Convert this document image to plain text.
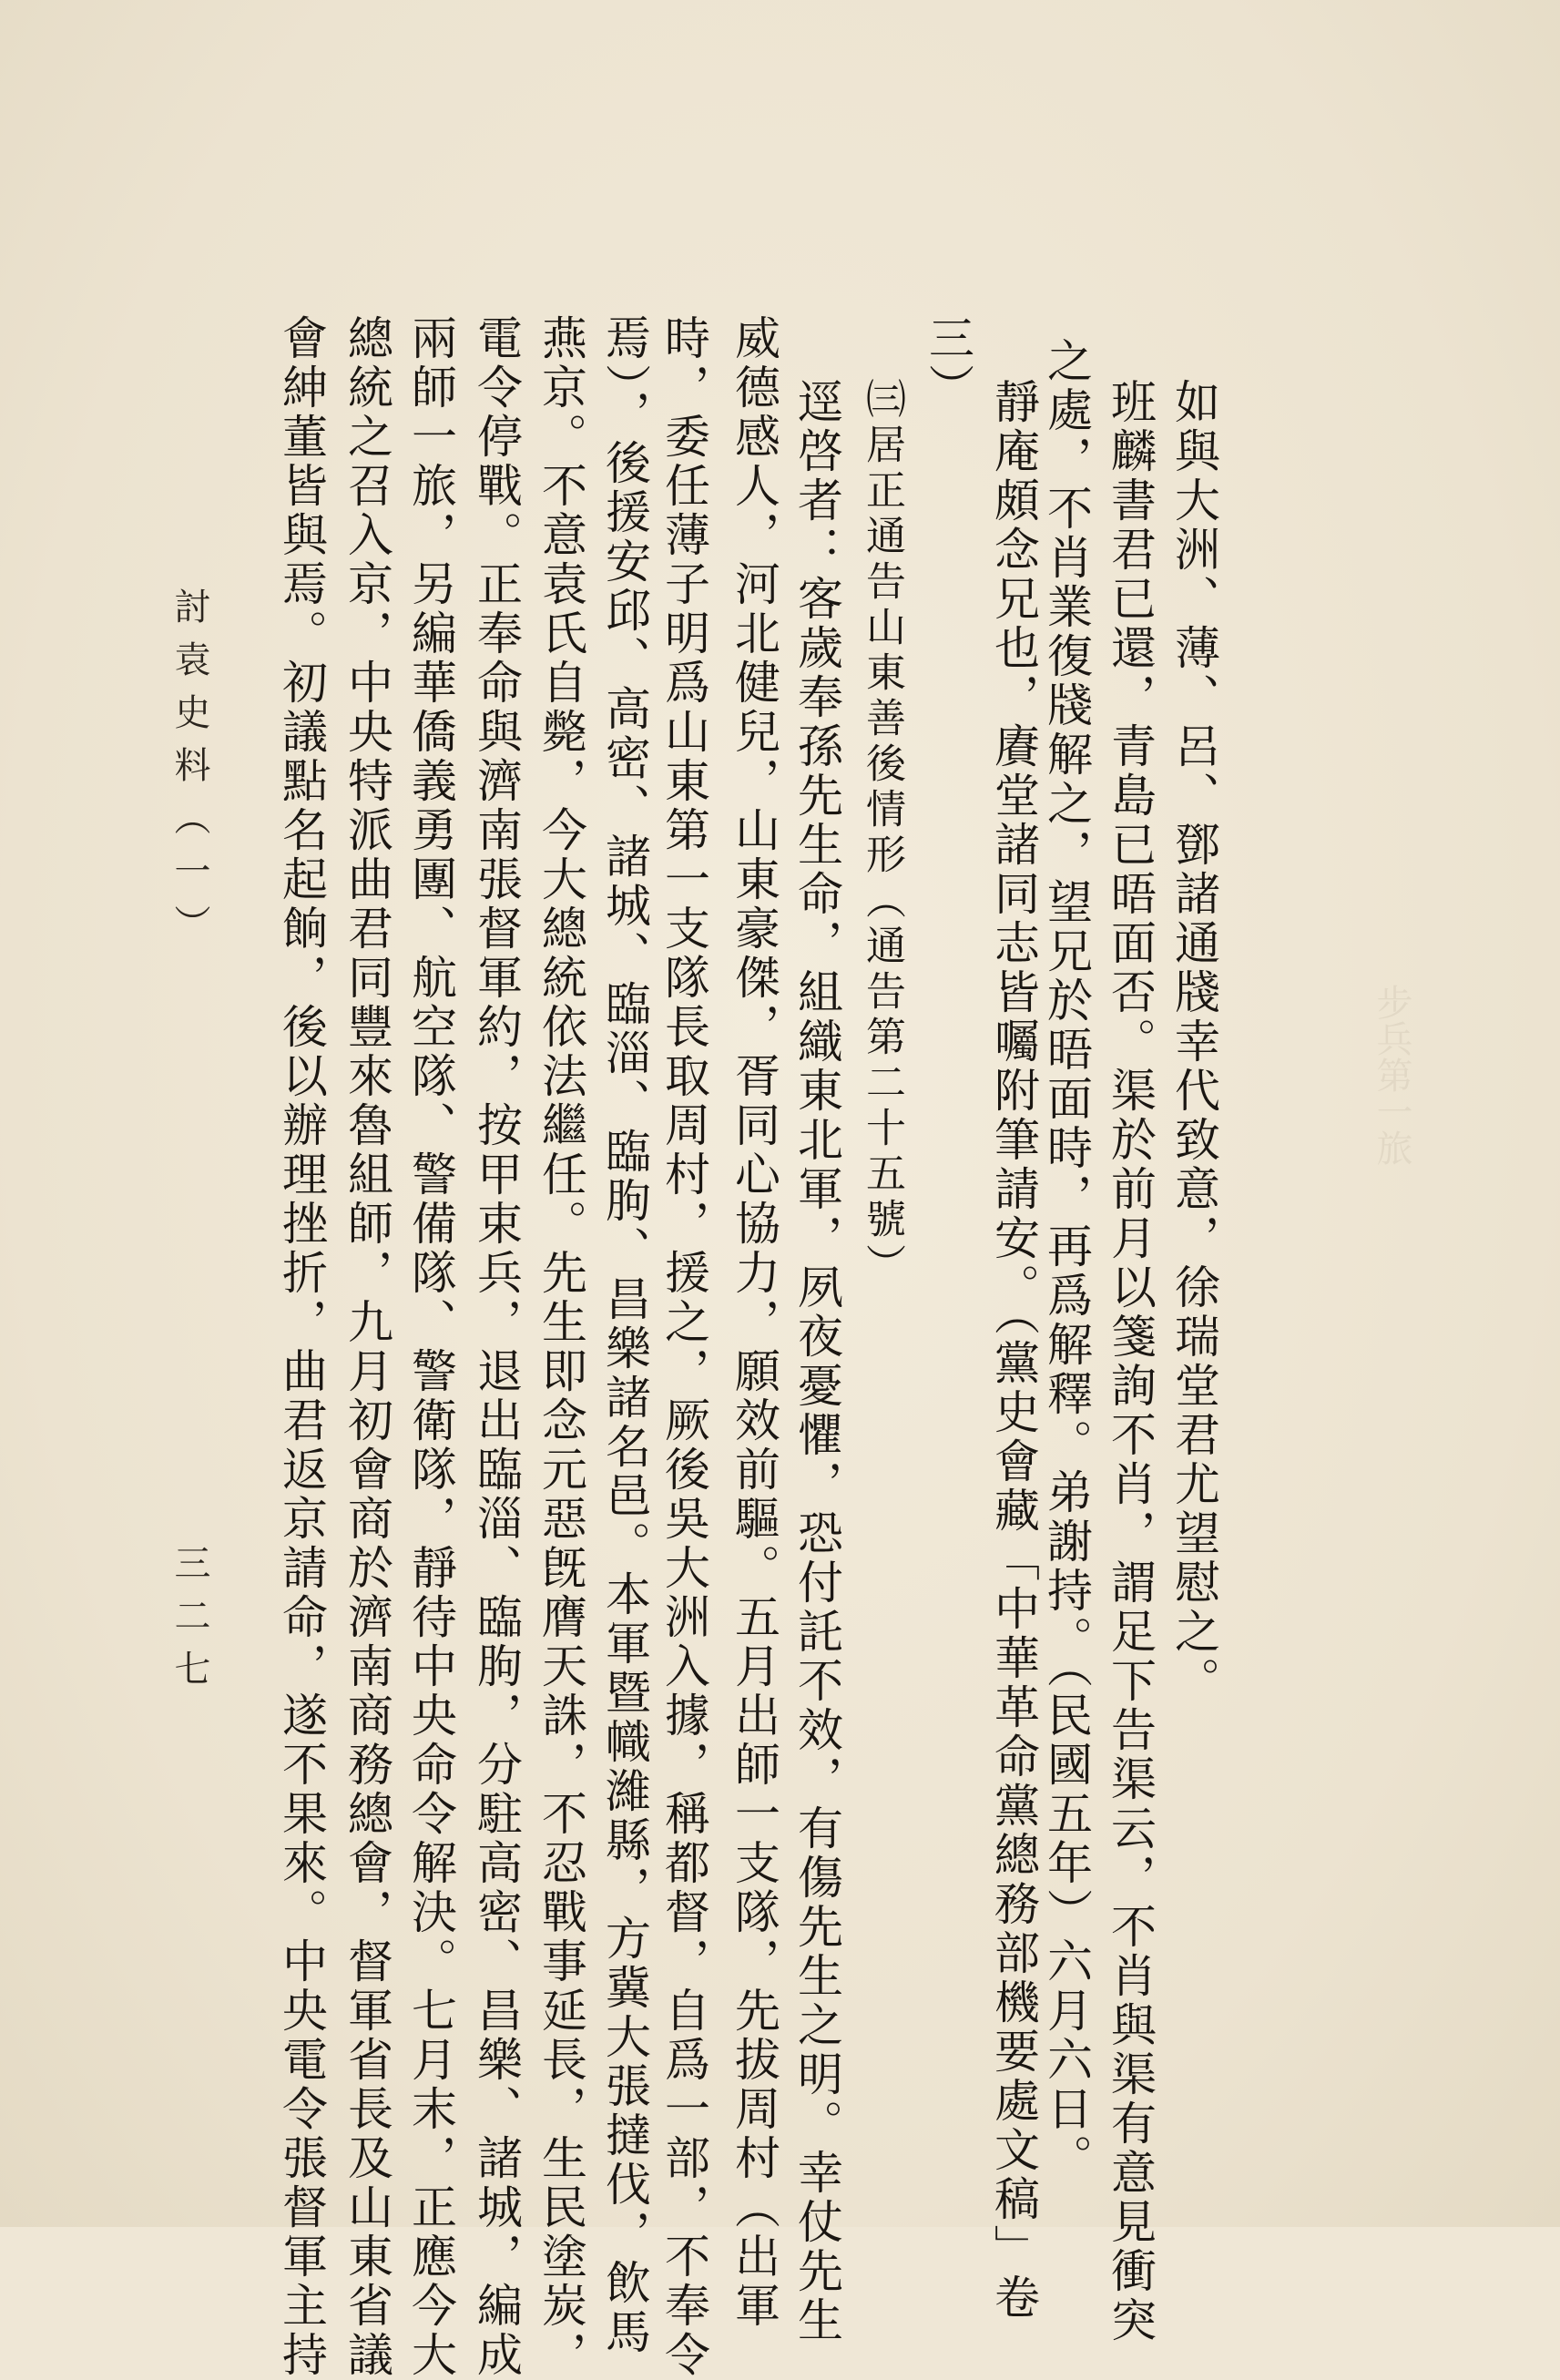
步兵第一旅
如與大洲、薄、呂、鄧諸通牋幸代致意，徐瑞堂君尤望慰之。
班麟書君已還，青島已晤面否。渠於前月以箋詢不肖，謂足下告渠云，不肖與渠有意見衝突
之處，不肖業復牋解之，望兄於晤面時，再爲解釋。弟謝持。（民國五年）六月六日。
靜庵頗念兄也，賡堂諸同志皆囑附筆請安。（黨史會藏「中華革命黨總務部機要處文稿」卷
三）
㈢居正通告山東善後情形（通告第二十五號）
逕啓者：客歲奉孫先生命，組織東北軍，夙夜憂懼，恐付託不效，有傷先生之明。幸仗先生
威德感人，河北健兒，山東豪傑，胥同心協力，願效前驅。五月出師一支隊，先拔周村（出軍
時，委任薄子明爲山東第一支隊長取周村，援之，厥後吳大洲入據，稱都督，自爲一部，不奉令
焉），後援安邱、高密、諸城、臨淄、臨朐、昌樂諸名邑。本軍暨幟濰縣，方冀大張撻伐，飲馬
燕京。不意袁氏自斃，今大總統依法繼任。先生即念元惡旣膺天誅，不忍戰事延長，生民塗炭，
電令停戰。正奉命與濟南張督軍約，按甲束兵，退出臨淄、臨朐，分駐高密、昌樂、諸城，編成
兩師一旅，另編華僑義勇團、航空隊、警備隊、警衛隊，靜待中央命令解決。七月末，正應今大
總統之召入京，中央特派曲君同豐來魯組師，九月初會商於濟南商務總會，督軍省長及山東省議
會紳董皆與焉。初議點名起餉，後以辦理挫折，曲君返京請命，遂不果來。中央電令張督軍主持
討袁史料（一）
三二七
